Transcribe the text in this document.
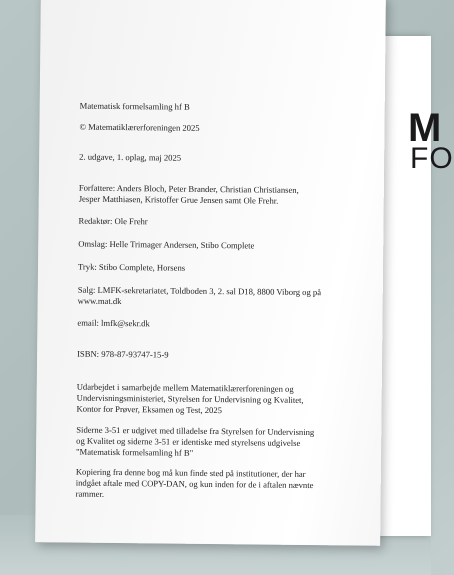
M
FO

Matematisk formelsamling hf B

© Matematiklærerforeningen 2025

2. udgave, 1. oplag, maj 2025

Forfattere: Anders Bloch, Peter Brander, Christian Christiansen,
Jesper Matthiasen, Kristoffer Grue Jensen samt Ole Frehr.

Redaktør: Ole Frehr

Omslag: Helle Trimager Andersen, Stibo Complete

Tryk: Stibo Complete, Horsens

Salg: LMFK-sekretariatet, Toldboden 3, 2. sal D18, 8800 Viborg og på
www.mat.dk

email: lmfk@sekr.dk

ISBN: 978-87-93747-15-9

Udarbejdet i samarbejde mellem Matematiklærerforeningen og
Undervisningsministeriet, Styrelsen for Undervisning og Kvalitet,
Kontor for Prøver, Eksamen og Test, 2025

Siderne 3-51 er udgivet med tilladelse fra Styrelsen for Undervisning
og Kvalitet og siderne 3-51 er identiske med styrelsens udgivelse
"Matematisk formelsamling hf B"

Kopiering fra denne bog må kun finde sted på institutioner, der har
indgået aftale med COPY-DAN, og kun inden for de i aftalen nævnte
rammer.
